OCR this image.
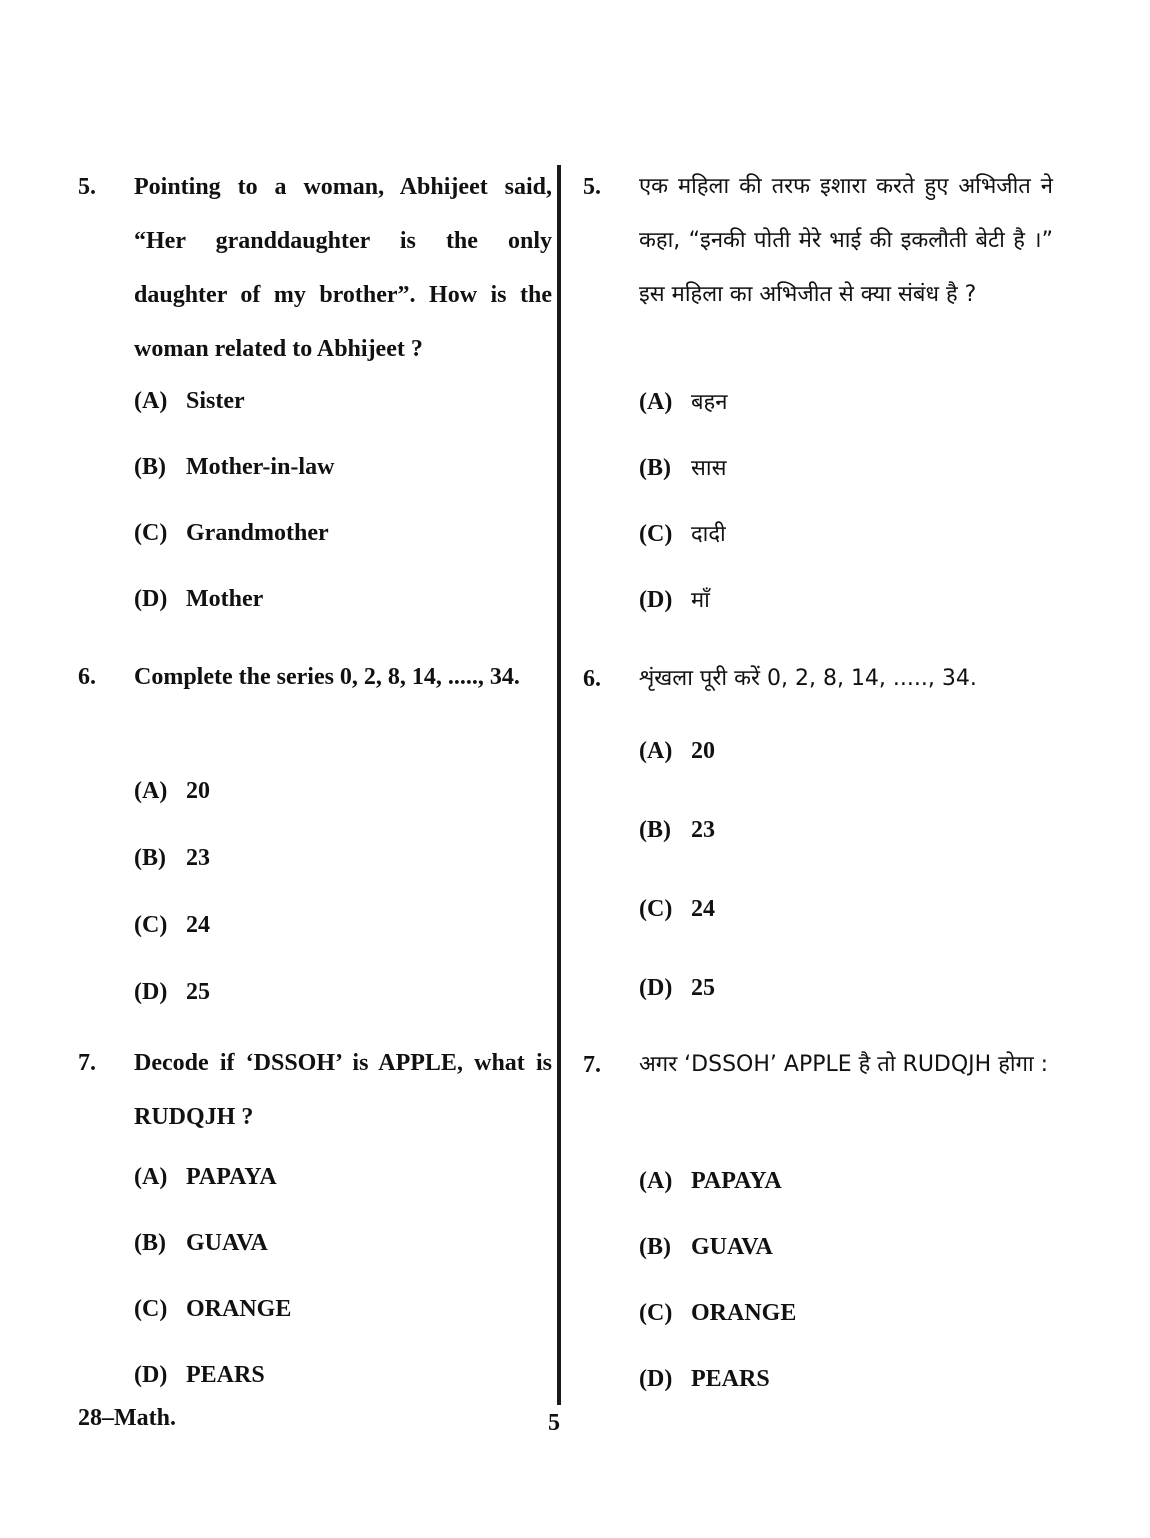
5. Pointing to a woman, Abhijeet said, “Her granddaughter is the only daughter of my brother”. How is the woman related to Abhijeet ?
(A) Sister
(B) Mother-in-law
(C) Grandmother
(D) Mother
6. Complete the series 0, 2, 8, 14, ....., 34.
(A) 20
(B) 23
(C) 24
(D) 25
7. Decode if ‘DSSOH’ is APPLE, what is RUDQJH ?
(A) PAPAYA
(B) GUAVA
(C) ORANGE
(D) PEARS
5. एक महिला की तरफ इशारा करते हुए अभिजीत ने कहा, “इनकी पोती मेरे भाई की इकलौती बेटी है ।” इस महिला का अभिजीत से क्या संबंध है ?
(A) बहन
(B) सास
(C) दादी
(D) माँ
6. शृंखला पूरी करें 0, 2, 8, 14, ....., 34.
(A) 20
(B) 23
(C) 24
(D) 25
7. अगर ‘DSSOH’ APPLE है तो RUDQJH होगा :
(A) PAPAYA
(B) GUAVA
(C) ORANGE
(D) PEARS
28–Math.	5
